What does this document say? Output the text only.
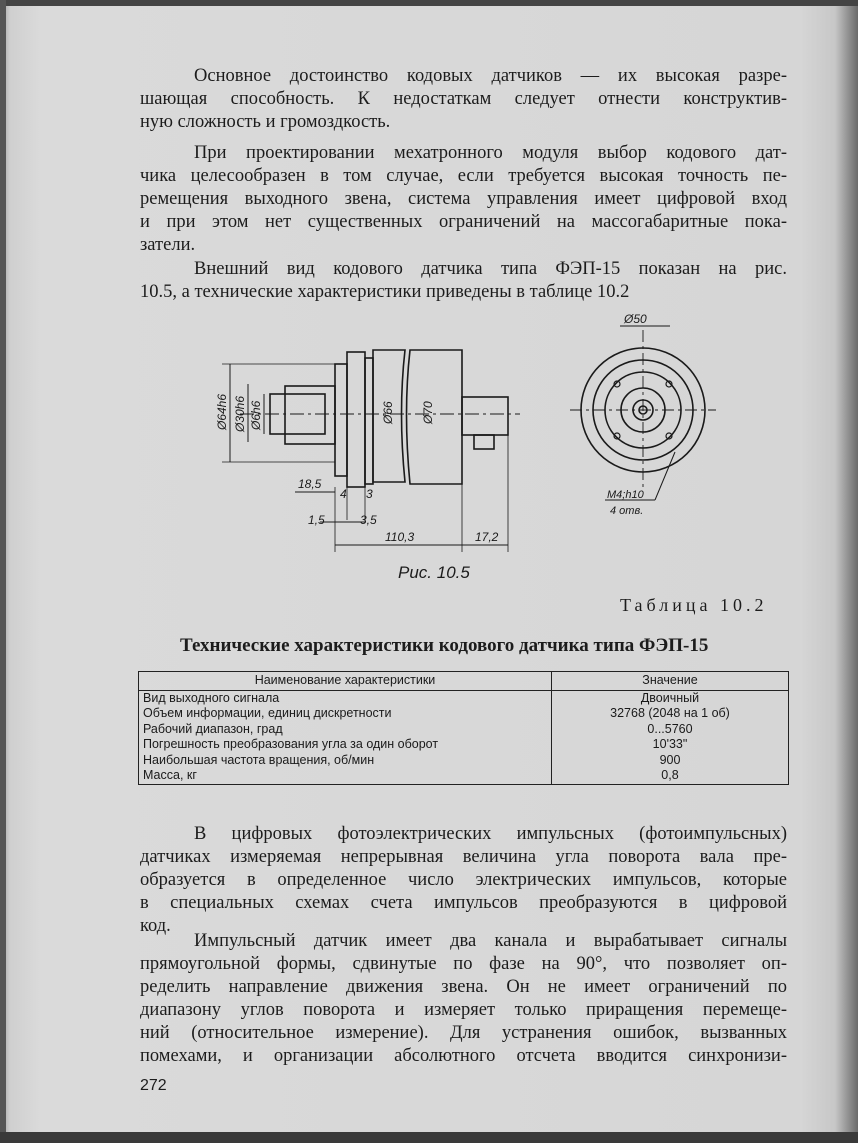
Основное достоинство кодовых датчиков — их высокая разре-
шающая способность. К недостаткам следует отнести конструктив-
ную сложность и громоздкость.
При проектировании мехатронного модуля выбор кодового дат-
чика целесообразен в том случае, если требуется высокая точность пе-
ремещения выходного звена, система управления имеет цифровой вход
и при этом нет существенных ограничений на массогабаритные пока-
затели.
Внешний вид кодового датчика типа ФЭП-15 показан на рис.
10.5, а технические характеристики приведены в таблице 10.2
Ø64h6 Ø30h6 Ø6h6	Ø66 Ø70
18,5
4 3
1,5	3,5
110,3	17,2
Ø50
M4;h10
4 отв.
Рис. 10.5
Таблица 10.2
Технические характеристики кодового датчика типа ФЭП-15
Наименование характеристики	Значение
Вид выходного сигнала	Двоичный
Объем информации, единиц дискретности	32768 (2048 на 1 об)
Рабочий диапазон, град	0...5760
Погрешность преобразования угла за один оборот	10'33"
Наибольшая частота вращения, об/мин	900
Масса, кг	0,8
В цифровых фотоэлектрических импульсных (фотоимпульсных)
датчиках измеряемая непрерывная величина угла поворота вала пре-
образуется в определенное число электрических импульсов, которые
в специальных схемах счета импульсов преобразуются в цифровой
код.
Импульсный датчик имеет два канала и вырабатывает сигналы
прямоугольной формы, сдвинутые по фазе на 90°, что позволяет оп-
ределить направление движения звена. Он не имеет ограничений по
диапазону углов поворота и измеряет только приращения перемеще-
ний (относительное измерение). Для устранения ошибок, вызванных
помехами, и организации абсолютного отсчета вводится синхронизи-
272
